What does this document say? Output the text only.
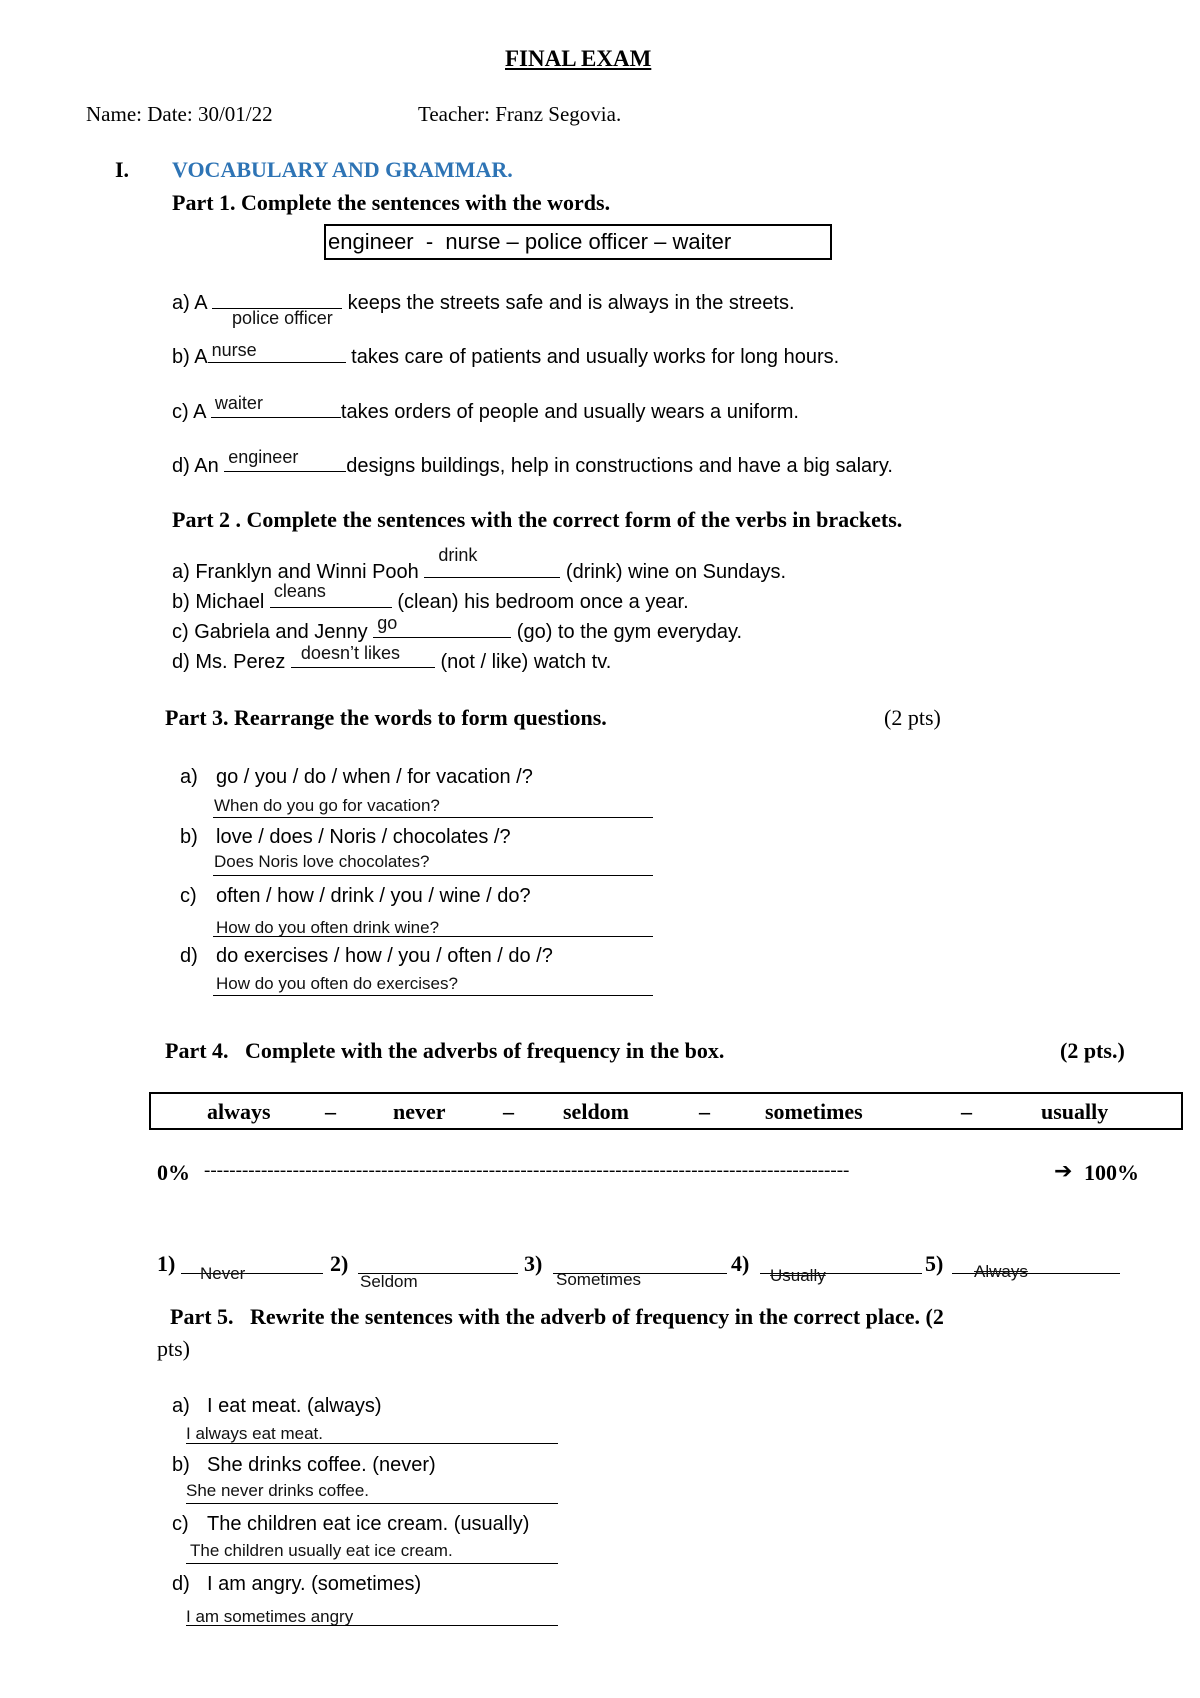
FINAL EXAM
Name: Date: 30/01/22	Teacher: Franz Segovia.
I. VOCABULARY AND GRAMMAR.
Part 1. Complete the sentences with the words.
engineer  -  nurse – police officer – waiter
a) A
police officer
keeps the streets safe and is always in the streets.
b) A nurse	takes care of patients and usually works for long hours.
c) A waiter	takes orders of people and usually wears a uniform.
d) An engineer designs buildings, help in constructions and have a big salary.
Part 2 . Complete the sentences with the correct form of the verbs in brackets.
a) Franklyn and Winni Pooh
drink
(drink) wine on Sundays.
b) Michael cleans	(clean) his bedroom once a year.
c) Gabriela and Jenny go	(go) to the gym everyday.
d) Ms. Perez doesn’t likes (not / like) watch tv.
Part 3. Rearrange the words to form questions.	(2 pts)
a) go / you / do / when / for vacation /?
When do you go for vacation?
b) love / does / Noris / chocolates /?
Does Noris love chocolates?
c) often / how / drink / you / wine / do?
How do you often drink wine?
d) do exercises / how / you / often / do /?
How do you often do exercises?
Part 4.   Complete with the adverbs of frequency in the box.	(2 pts.)
always –	never	– seldom	–	sometimes	–	usually
0% ------------------------------------------------------------------------------------------------------	➔ 100%
1) Never	2)
Seldom
3)
Sometimes
4) Usually	5) Always
Part 5.   Rewrite the sentences with the adverb of frequency in the correct place. (2
pts)
a) I eat meat. (always)
I always eat meat.
b) She drinks coffee. (never)
She never drinks coffee.
c) The children eat ice cream. (usually)
The children usually eat ice cream.
d) I am angry. (sometimes)
I am sometimes angry
